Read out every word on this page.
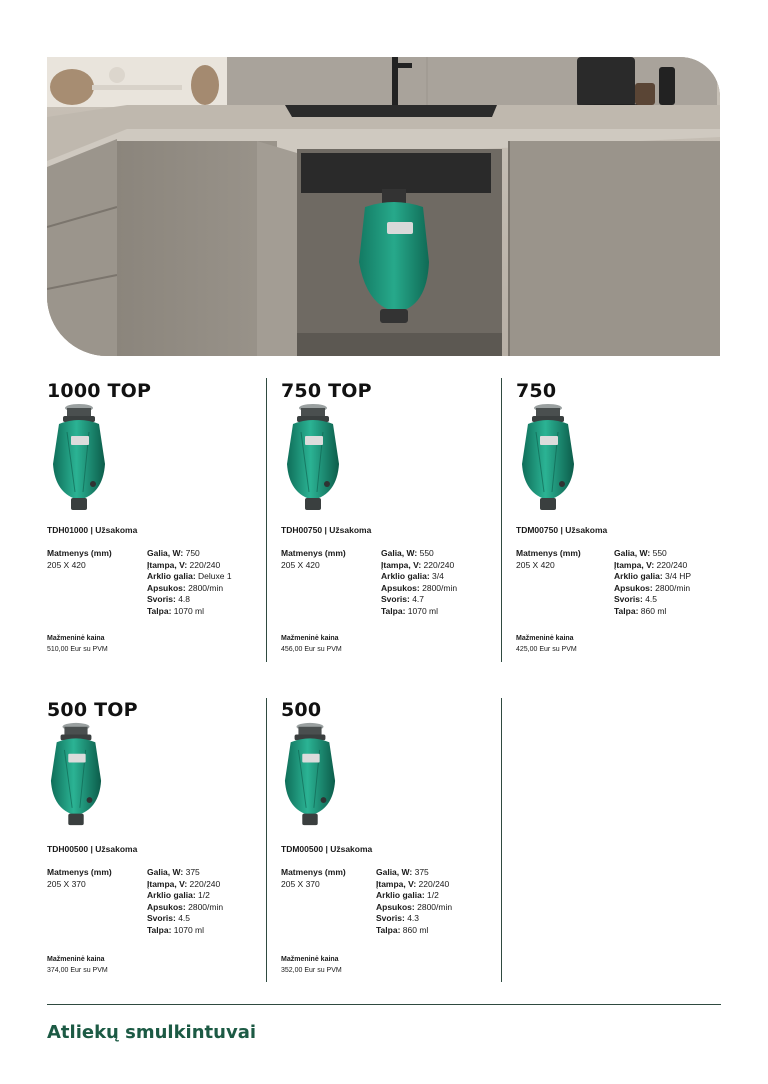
1000 TOP
TDH01000 | Užsakoma
Matmenys (mm)
205 X 420
Galia, W: 750
Įtampa, V: 220/240
Arklio galia: Deluxe 1
Apsukos: 2800/min
Svoris: 4.8
Talpa: 1070 ml
Mažmeninė kaina
510,00 Eur su PVM
750 TOP
TDH00750 | Užsakoma
Matmenys (mm)
205 X 420
Galia, W: 550
Įtampa, V: 220/240
Arklio galia: 3/4
Apsukos: 2800/min
Svoris: 4.7
Talpa: 1070 ml
Mažmeninė kaina
456,00 Eur su PVM
750
TDM00750 | Užsakoma
Matmenys (mm)
205 X 420
Galia, W: 550
Įtampa, V: 220/240
Arklio galia: 3/4 HP
Apsukos: 2800/min
Svoris: 4.5
Talpa: 860 ml
Mažmeninė kaina
425,00 Eur su PVM
500 TOP
TDH00500 | Užsakoma
Matmenys (mm)
205 X 370
Galia, W: 375
Įtampa, V: 220/240
Arklio galia: 1/2
Apsukos: 2800/min
Svoris: 4.5
Talpa: 1070 ml
Mažmeninė kaina
374,00 Eur su PVM
500
TDM00500 | Užsakoma
Matmenys (mm)
205 X 370
Galia, W: 375
Įtampa, V: 220/240
Arklio galia: 1/2
Apsukos: 2800/min
Svoris: 4.3
Talpa: 860 ml
Mažmeninė kaina
352,00 Eur su PVM
Atliekų smulkintuvai
